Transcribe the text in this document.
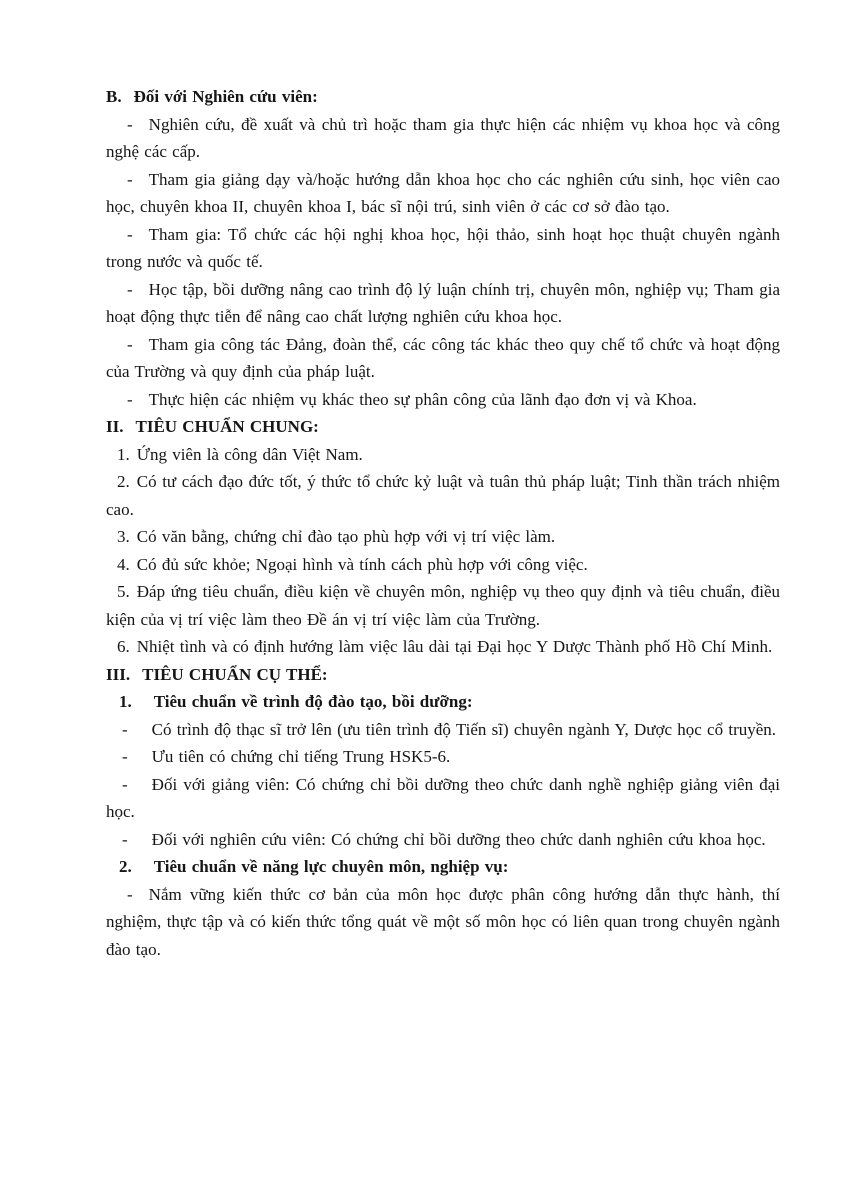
B. Đối với Nghiên cứu viên:

- Nghiên cứu, đề xuất và chủ trì hoặc tham gia thực hiện các nhiệm vụ khoa học và công nghệ các cấp.

- Tham gia giảng dạy và/hoặc hướng dẫn khoa học cho các nghiên cứu sinh, học viên cao học, chuyên khoa II, chuyên khoa I, bác sĩ nội trú, sinh viên ở các cơ sở đào tạo.

- Tham gia: Tổ chức các hội nghị khoa học, hội thảo, sinh hoạt học thuật chuyên ngành trong nước và quốc tế.

- Học tập, bồi dưỡng nâng cao trình độ lý luận chính trị, chuyên môn, nghiệp vụ; Tham gia hoạt động thực tiễn để nâng cao chất lượng nghiên cứu khoa học.

- Tham gia công tác Đảng, đoàn thể, các công tác khác theo quy chế tổ chức và hoạt động của Trường và quy định của pháp luật.

- Thực hiện các nhiệm vụ khác theo sự phân công của lãnh đạo đơn vị và Khoa.

II. TIÊU CHUẨN CHUNG:

1. Ứng viên là công dân Việt Nam.

2. Có tư cách đạo đức tốt, ý thức tổ chức kỷ luật và tuân thủ pháp luật; Tinh thần trách nhiệm cao.

3. Có văn bằng, chứng chỉ đào tạo phù hợp với vị trí việc làm.

4. Có đủ sức khỏe; Ngoại hình và tính cách phù hợp với công việc.

5. Đáp ứng tiêu chuẩn, điều kiện về chuyên môn, nghiệp vụ theo quy định và tiêu chuẩn, điều kiện của vị trí việc làm theo Đề án vị trí việc làm của Trường.

6. Nhiệt tình và có định hướng làm việc lâu dài tại Đại học Y Dược Thành phố Hồ Chí Minh.

III. TIÊU CHUẨN CỤ THỂ:

1. Tiêu chuẩn về trình độ đào tạo, bồi dưỡng:

- Có trình độ thạc sĩ trở lên (ưu tiên trình độ Tiến sĩ) chuyên ngành Y, Dược học cổ truyền.

- Ưu tiên có chứng chỉ tiếng Trung HSK5-6.

- Đối với giảng viên: Có chứng chỉ bồi dưỡng theo chức danh nghề nghiệp giảng viên đại học.

- Đối với nghiên cứu viên: Có chứng chỉ bồi dưỡng theo chức danh nghiên cứu khoa học.

2. Tiêu chuẩn về năng lực chuyên môn, nghiệp vụ:

- Nắm vững kiến thức cơ bản của môn học được phân công hướng dẫn thực hành, thí nghiệm, thực tập và có kiến thức tổng quát về một số môn học có liên quan trong chuyên ngành đào tạo.
